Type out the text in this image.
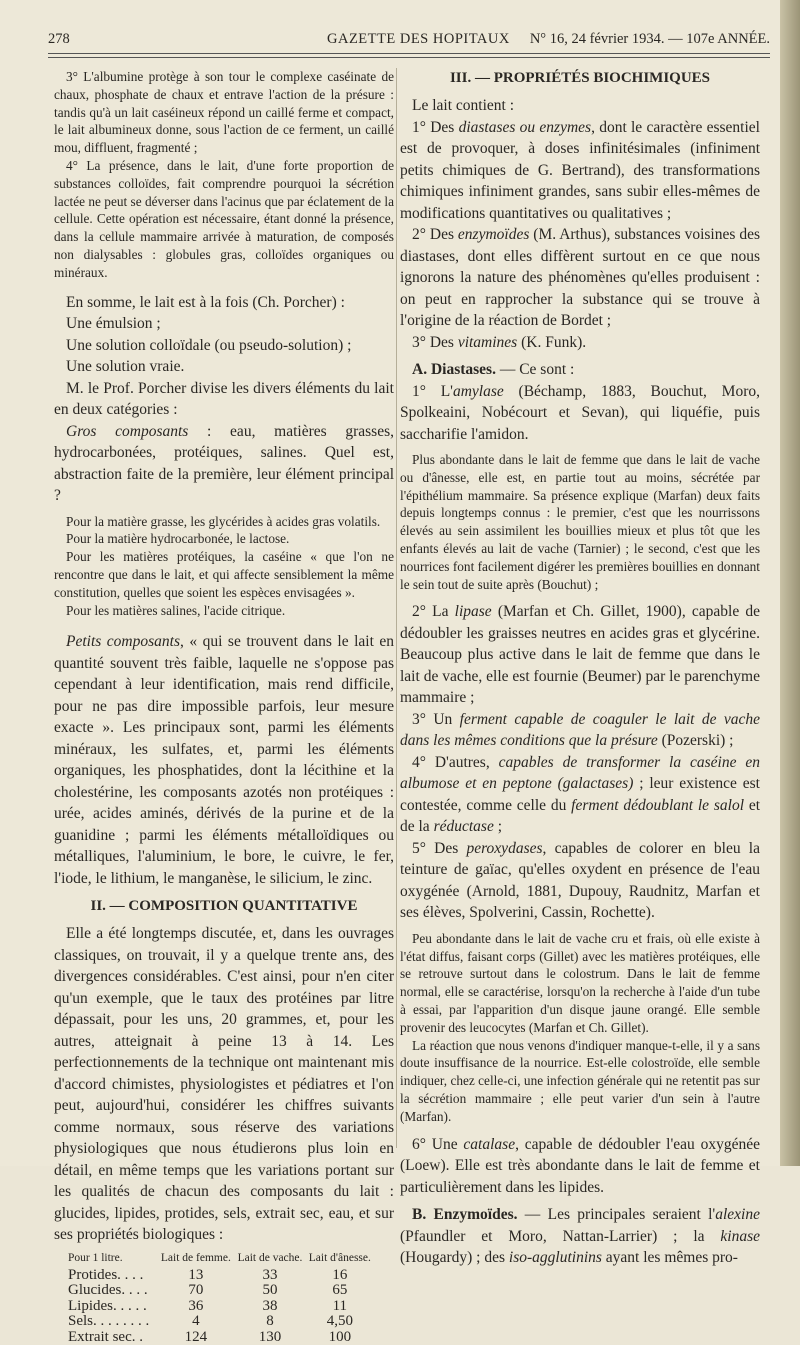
278	GAZETTE DES HOPITAUX N° 16, 24 février 1934. — 107e ANNÉE.

3° L'albumine protège à son tour le complexe caséinate de chaux, phosphate de chaux et entrave l'action de la présure : tandis qu'à un lait caséineux répond un caillé ferme et compact, le lait albumineux donne, sous l'action de ce ferment, un caillé mou, diffluent, fragmenté ;

4° La présence, dans le lait, d'une forte proportion de substances colloïdes, fait comprendre pourquoi la sécrétion lactée ne peut se déverser dans l'acinus que par éclatement de la cellule. Cette opération est nécessaire, étant donné la présence, dans la cellule mammaire arrivée à maturation, de composés non dialysables : globules gras, colloïdes organiques ou minéraux.

En somme, le lait est à la fois (Ch. Porcher) :

Une émulsion ;

Une solution colloïdale (ou pseudo-solution) ;

Une solution vraie.

M. le Prof. Porcher divise les divers éléments du lait en deux catégories :

Gros composants : eau, matières grasses, hydrocarbonées, protéiques, salines. Quel est, abstraction faite de la première, leur élément principal ?

Pour la matière grasse, les glycérides à acides gras volatils.

Pour la matière hydrocarbonée, le lactose.

Pour les matières protéiques, la caséine « que l'on ne rencontre que dans le lait, et qui affecte sensiblement la même constitution, quelles que soient les espèces envisagées ».

Pour les matières salines, l'acide citrique.

Petits composants, « qui se trouvent dans le lait en quantité souvent très faible, laquelle ne s'oppose pas cependant à leur identification, mais rend difficile, pour ne pas dire impossible parfois, leur mesure exacte ». Les principaux sont, parmi les éléments minéraux, les sulfates, et, parmi les éléments organiques, les phosphatides, dont la lécithine et la cholestérine, les composants azotés non protéiques : urée, acides aminés, dérivés de la purine et de la guanidine ; parmi les éléments métalloïdiques ou métalliques, l'aluminium, le bore, le cuivre, le fer, l'iode, le lithium, le manganèse, le silicium, le zinc.

II. — COMPOSITION QUANTITATIVE

Elle a été longtemps discutée, et, dans les ouvrages classiques, on trouvait, il y a quelque trente ans, des divergences considérables. C'est ainsi, pour n'en citer qu'un exemple, que le taux des protéines par litre dépassait, pour les uns, 20 grammes, et, pour les autres, atteignait à peine 13 à 14. Les perfectionnements de la technique ont maintenant mis d'accord chimistes, physiologistes et pédiatres et l'on peut, aujourd'hui, considérer les chiffres suivants comme normaux, sous réserve des variations physiologiques que nous étudierons plus loin en détail, en même temps que les variations portant sur les qualités de chacun des composants du lait : glucides, lipides, protides, sels, extrait sec, eau, et sur ses propriétés biologiques :

Pour 1 litre.	Lait de femme.	Lait de vache.	Lait d'ânesse.
Protides. . . .	13	33	16
Glucides. . . .	70	50	65
Lipides. . . . .	36	38	11
Sels. . . . . . . .	4	8	4,50
Extrait sec. .	124	130	100
III. — PROPRIÉTÉS BIOCHIMIQUES

Le lait contient :

1° Des diastases ou enzymes, dont le caractère essentiel est de provoquer, à doses infinitésimales (infiniment petits chimiques de G. Bertrand), des transformations chimiques infiniment grandes, sans subir elles-mêmes de modifications quantitatives ou qualitatives ;

2° Des enzymoïdes (M. Arthus), substances voisines des diastases, dont elles diffèrent surtout en ce que nous ignorons la nature des phénomènes qu'elles produisent : on peut en rapprocher la substance qui se trouve à l'origine de la réaction de Bordet ;

3° Des vitamines (K. Funk).

A. Diastases. — Ce sont :

1° L'amylase (Béchamp, 1883, Bouchut, Moro, Spolkeaini, Nobécourt et Sevan), qui liquéfie, puis saccharifie l'amidon.

Plus abondante dans le lait de femme que dans le lait de vache ou d'ânesse, elle est, en partie tout au moins, sécrétée par l'épithélium mammaire. Sa présence explique (Marfan) deux faits depuis longtemps connus : le premier, c'est que les nourrissons élevés au sein assimilent les bouillies mieux et plus tôt que les enfants élevés au lait de vache (Tarnier) ; le second, c'est que les nourrices font facilement digérer les premières bouillies en donnant le sein tout de suite après (Bouchut) ;

2° La lipase (Marfan et Ch. Gillet, 1900), capable de dédoubler les graisses neutres en acides gras et glycérine. Beaucoup plus active dans le lait de femme que dans le lait de vache, elle est fournie (Beumer) par le parenchyme mammaire ;

3° Un ferment capable de coaguler le lait de vache dans les mêmes conditions que la présure (Pozerski) ;

4° D'autres, capables de transformer la caséine en albumose et en peptone (galactases) ; leur existence est contestée, comme celle du ferment dédoublant le salol et de la réductase ;

5° Des peroxydases, capables de colorer en bleu la teinture de gaïac, qu'elles oxydent en présence de l'eau oxygénée (Arnold, 1881, Dupouy, Raudnitz, Marfan et ses élèves, Spolverini, Cassin, Rochette).

Peu abondante dans le lait de vache cru et frais, où elle existe à l'état diffus, faisant corps (Gillet) avec les matières protéiques, elle se retrouve surtout dans le colostrum. Dans le lait de femme normal, elle se caractérise, lorsqu'on la recherche à l'aide d'un tube à essai, par l'apparition d'un disque jaune orangé. Elle semble provenir des leucocytes (Marfan et Ch. Gillet).

La réaction que nous venons d'indiquer manque-t-elle, il y a sans doute insuffisance de la nourrice. Est-elle colostroïde, elle semble indiquer, chez celle-ci, une infection générale qui ne retentit pas sur la sécrétion mammaire ; elle peut varier d'un sein à l'autre (Marfan).

6° Une catalase, capable de dédoubler l'eau oxygénée (Loew). Elle est très abondante dans le lait de femme et particulièrement dans les lipides.

B. Enzymoïdes. — Les principales seraient l'alexine (Pfaundler et Moro, Nattan-Larrier) ; la kinase (Hougardy) ; des iso-agglutinins ayant les mêmes pro-
